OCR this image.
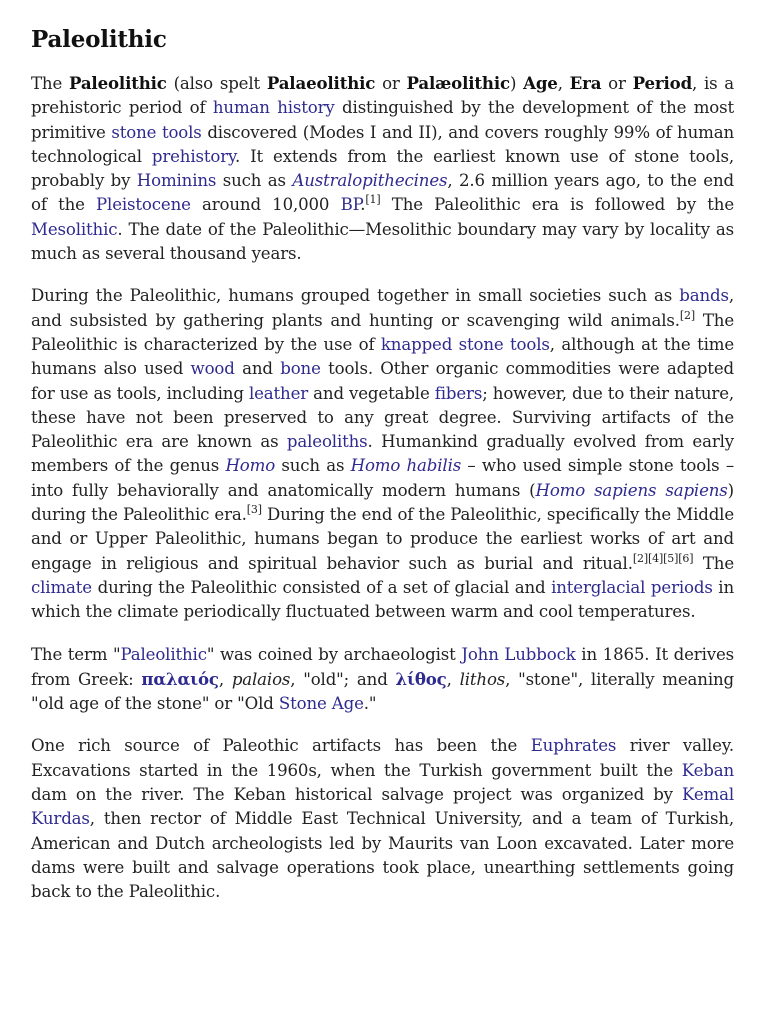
Paleolithic

The Paleolithic (also spelt Palaeolithic or Palæolithic) Age, Era or Period, is a prehistoric period of human history distinguished by the development of the most primitive stone tools discovered (Modes I and II), and covers roughly 99% of human technological prehistory. It extends from the earliest known use of stone tools, probably by Hominins such as Australopithecines, 2.6 million years ago, to the end of the Pleistocene around 10,000 BP.[1] The Paleolithic era is followed by the Mesolithic. The date of the Paleolithic—Mesolithic boundary may vary by locality as much as several thousand years.

During the Paleolithic, humans grouped together in small societies such as bands, and subsisted by gathering plants and hunting or scavenging wild animals.[2] The Paleolithic is characterized by the use of knapped stone tools, although at the time humans also used wood and bone tools. Other organic commodities were adapted for use as tools, including leather and vegetable fibers; however, due to their nature, these have not been preserved to any great degree. Surviving artifacts of the Paleolithic era are known as paleoliths. Humankind gradually evolved from early members of the genus Homo such as Homo habilis – who used simple stone tools – into fully behaviorally and anatomically modern humans (Homo sapiens sapiens) during the Paleolithic era.[3] During the end of the Paleolithic, specifically the Middle and or Upper Paleolithic, humans began to produce the earliest works of art and engage in religious and spiritual behavior such as burial and ritual.[2][4][5][6] The climate during the Paleolithic consisted of a set of glacial and interglacial periods in which the climate periodically fluctuated between warm and cool temperatures.

The term "Paleolithic" was coined by archaeologist John Lubbock in 1865. It derives from Greek: παλαιός, palaios, "old"; and λίθος, lithos, "stone", literally meaning "old age of the stone" or "Old Stone Age."

One rich source of Paleothic artifacts has been the Euphrates river valley. Excavations started in the 1960s, when the Turkish government built the Keban dam on the river. The Keban historical salvage project was organized by Kemal Kurdas, then rector of Middle East Technical University, and a team of Turkish, American and Dutch archeologists led by Maurits van Loon excavated. Later more dams were built and salvage operations took place, unearthing settlements going back to the Paleolithic.
